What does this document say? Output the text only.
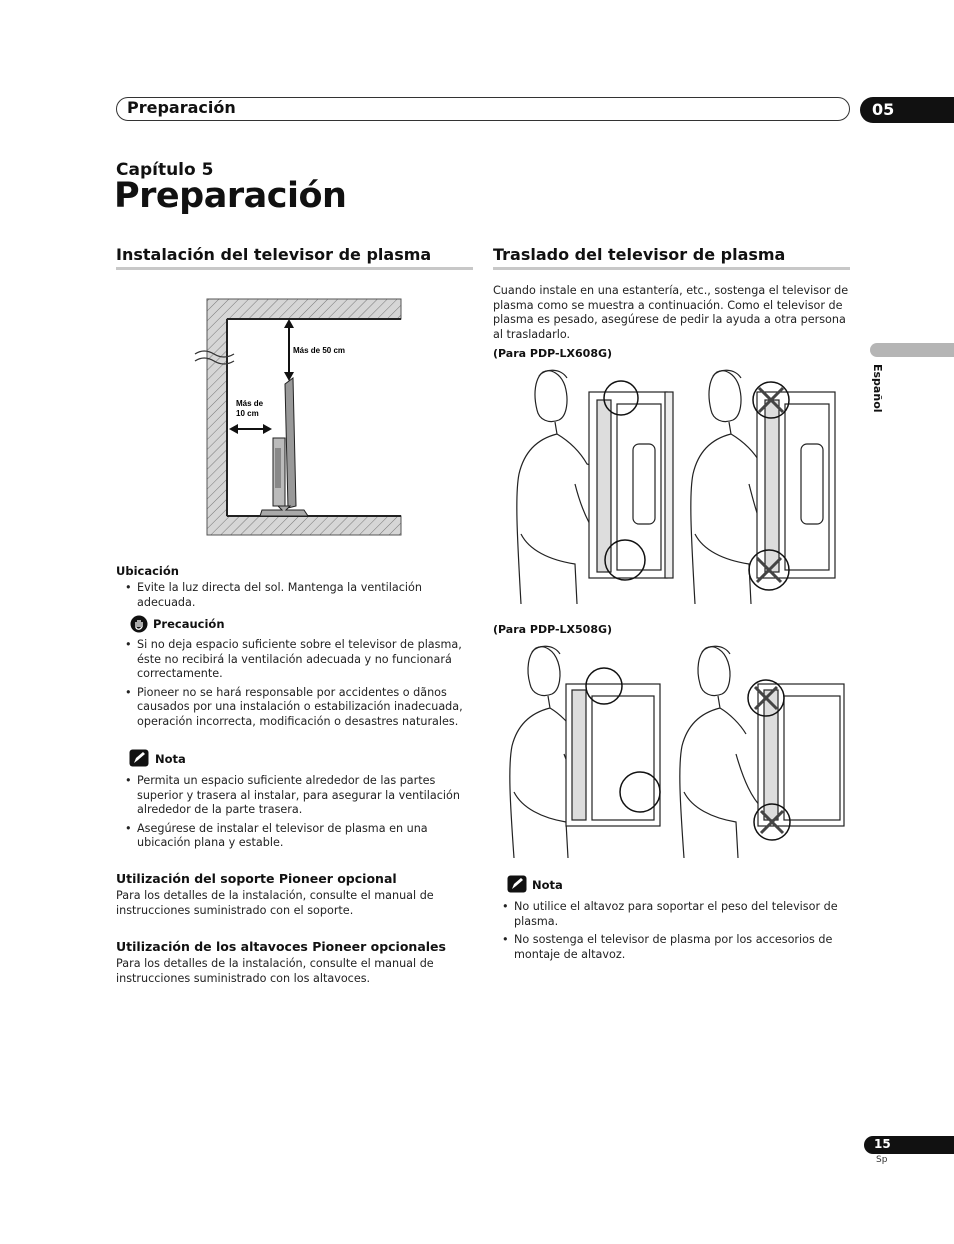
Preparación	05
Capítulo 5
Preparación
Español
Instalación del televisor de plasma
Más de 50 cm
Más de
10 cm
Ubicación
• Evite la luz directa del sol. Mantenga la ventilación adecuada.
Precaución
• Si no deja espacio suficiente sobre el televisor de plasma, éste no recibirá la ventilación adecuada y no funcionará correctamente.
• Pioneer no se hará responsable por accidentes o dãnos causados por una instalación o estabilización inadecuada, operación incorrecta, modificación o desastres naturales.
Nota
• Permita un espacio suficiente alrededor de las partes superior y trasera al instalar, para asegurar la ventilación alrededor de la parte trasera.
• Asegúrese de instalar el televisor de plasma en una ubicación plana y estable.
Utilización del soporte Pioneer opcional
Para los detalles de la instalación, consulte el manual de instrucciones suministrado con el soporte.
Utilización de los altavoces Pioneer opcionales
Para los detalles de la instalación, consulte el manual de instrucciones suministrado con los altavoces.
Traslado del televisor de plasma
Cuando instale en una estantería, etc., sostenga el televisor de plasma como se muestra a continuación. Como el televisor de plasma es pesado, asegúrese de pedir la ayuda a otra persona al trasladarlo.
(Para PDP-LX608G)
(Para PDP-LX508G)
Nota
• No utilice el altavoz para soportar el peso del televisor de plasma.
• No sostenga el televisor de plasma por los accesorios de montaje de altavoz.
15
Sp
